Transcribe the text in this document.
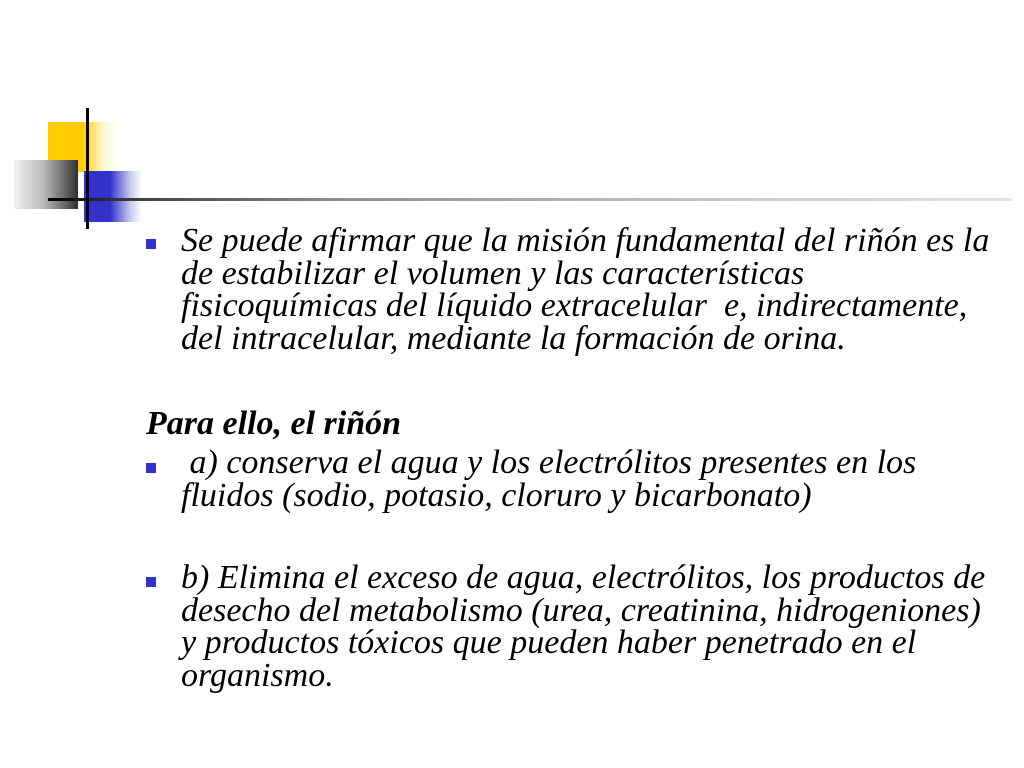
Se puede afirmar que la misión fundamental del riñón es la
de estabilizar el volumen y las características
fisicoquímicas del líquido extracelular  e, indirectamente,
del intracelular, mediante la formación de orina.
Para ello, el riñón
a) conserva el agua y los electrólitos presentes en los
fluidos (sodio, potasio, cloruro y bicarbonato)
b) Elimina el exceso de agua, electrólitos, los productos de
desecho del metabolismo (urea, creatinina, hidrogeniones)
y productos tóxicos que pueden haber penetrado en el
organismo.
